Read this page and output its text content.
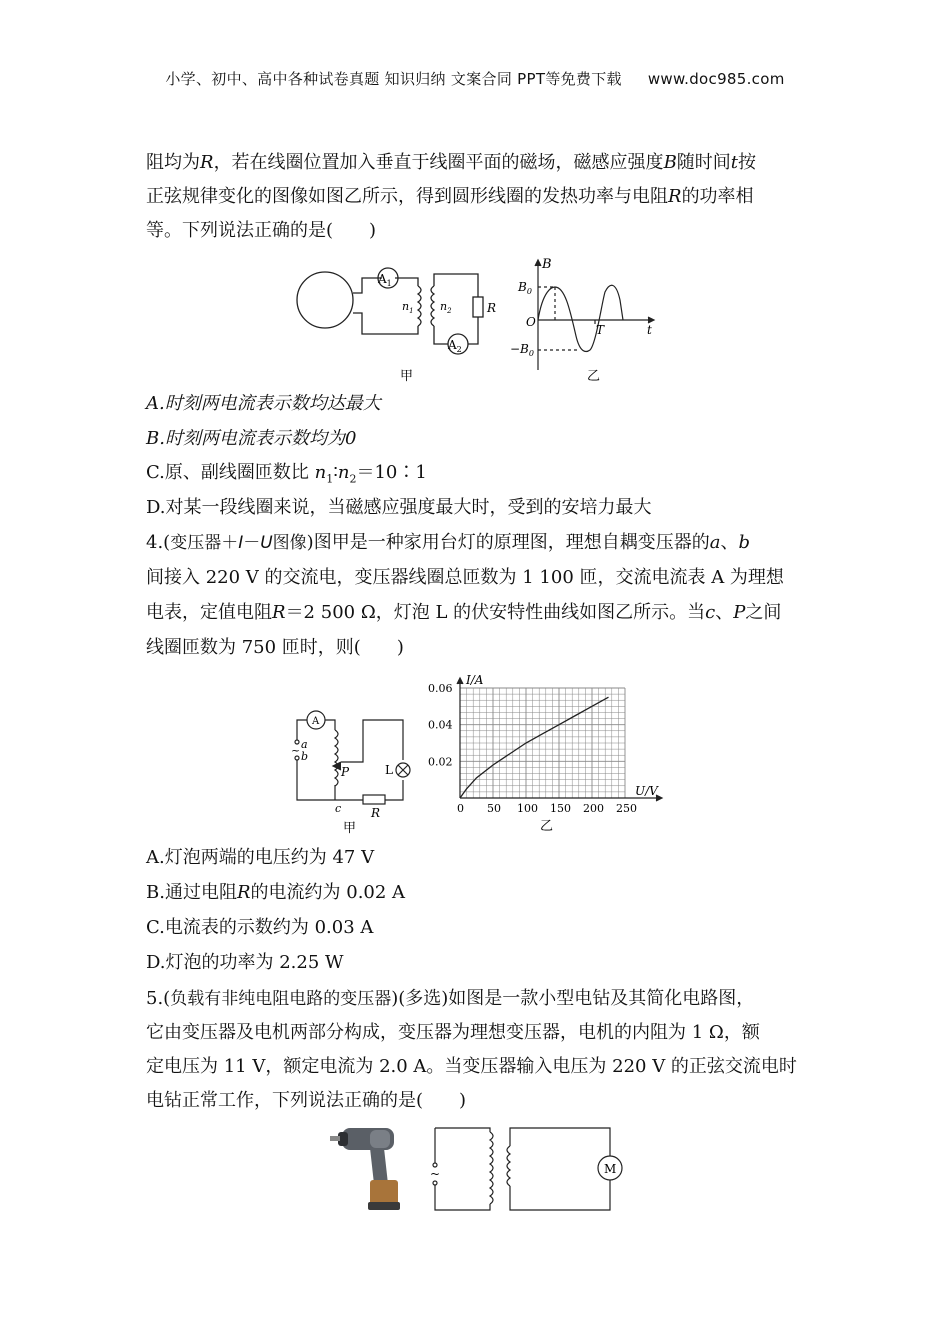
小学、初中、高中各种试卷真题 知识归纳 文案合同 PPT等免费下载 www.doc985.com
阻均为R，若在线圈位置加入垂直于线圈平面的磁场，磁感应强度B随时间t按
正弦规律变化的图像如图乙所示，得到圆形线圈的发热功率与电阻R的功率相
等。下列说法正确的是(　　)
$A_1$
$A_2$
$n_1$ $n_2$	R
甲
B
$B_0$
O
$-B_0$
T	t
乙
A.时刻两电流表示数均达最大
B.时刻两电流表示数均为0
C.原、副线圈匝数比 $n_1∶n_2=10∶1$
D.对某一段线圈来说，当磁感应强度最大时，受到的安培力最大
4.(变压器＋I－U图像)图甲是一种家用台灯的原理图，理想自耦变压器的a、b
间接入 220 V 的交流电，变压器线圈总匝数为 1 100 匝，交流电流表 A 为理想
电表，定值电阻R＝2 500 Ω，灯泡 L 的伏安特性曲线如图乙所示。当c、P之间
线圈匝数为 750 匝时，则(　　)
A
a
~ b
P	L
c R
甲
I/A
U/V
0.06
0.04
0.02
0 50 100 150 200 250
乙
A.灯泡两端的电压约为 47 V
B.通过电阻R的电流约为 0.02 A
C.电流表的示数约为 0.03 A
D.灯泡的功率为 2.25 W
5.(负载有非纯电阻电路的变压器)(多选)如图是一款小型电钻及其简化电路图，
它由变压器及电机两部分构成，变压器为理想变压器，电机的内阻为 1 Ω，额
定电压为 11 V，额定电流为 2.0 A。当变压器输入电压为 220 V 的正弦交流电时
电钻正常工作，下列说法正确的是(　　)
~	M
